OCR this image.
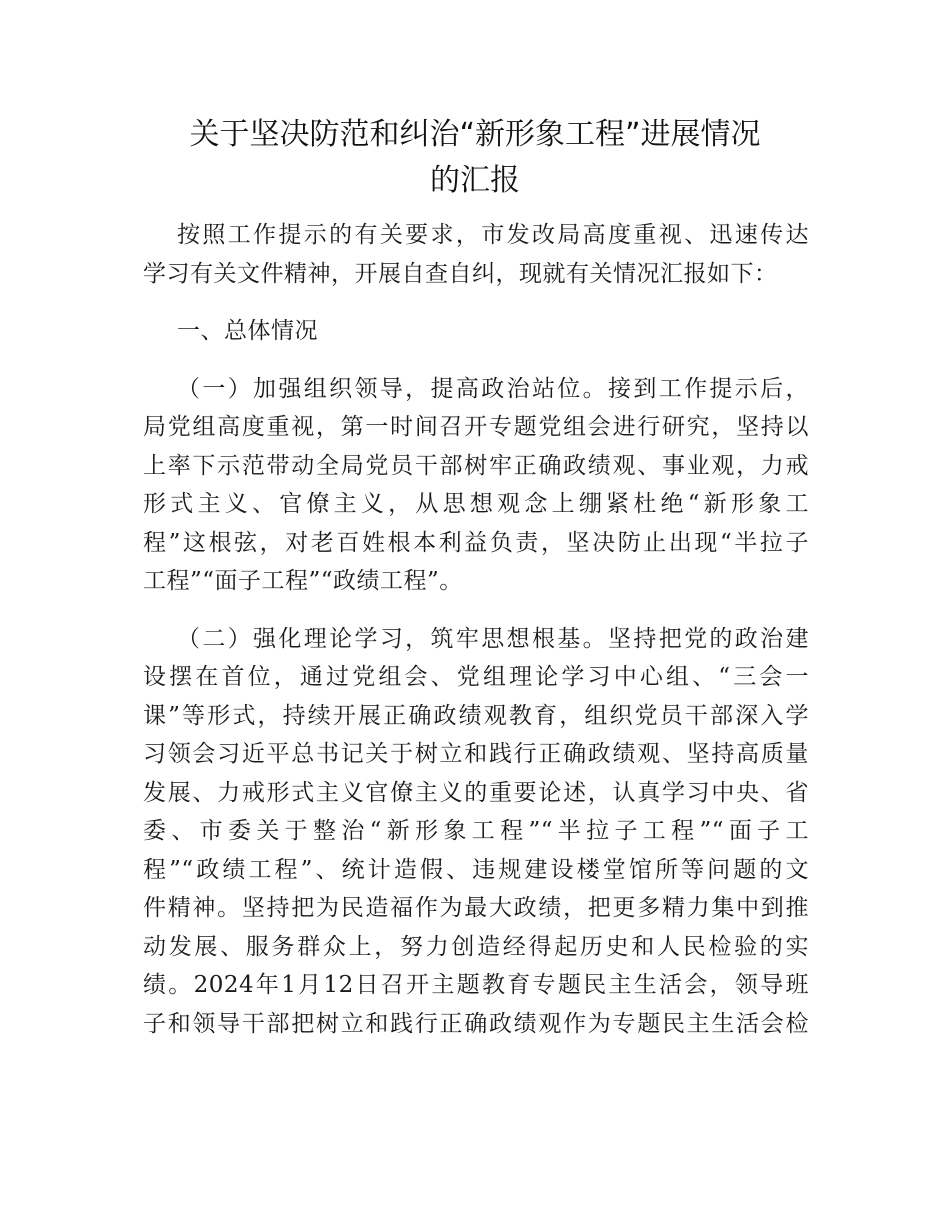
关于坚决防范和纠治“新形象工程”进展情况
的汇报
按照工作提示的有关要求，市发改局高度重视、迅速传达
学习有关文件精神，开展自查自纠，现就有关情况汇报如下：
一、总体情况
（一）加强组织领导，提高政治站位。接到工作提示后，
局党组高度重视，第一时间召开专题党组会进行研究，坚持以
上率下示范带动全局党员干部树牢正确政绩观、事业观，力戒
形式主义、官僚主义，从思想观念上绷紧杜绝“新形象工
程”这根弦，对老百姓根本利益负责，坚决防止出现“半拉子
工程”“面子工程”“政绩工程”。
（二）强化理论学习，筑牢思想根基。坚持把党的政治建
设摆在首位，通过党组会、党组理论学习中心组、“三会一
课”等形式，持续开展正确政绩观教育，组织党员干部深入学
习领会习近平总书记关于树立和践行正确政绩观、坚持高质量
发展、力戒形式主义官僚主义的重要论述，认真学习中央、省
委、市委关于整治“新形象工程”“半拉子工程”“面子工
程”“政绩工程”、统计造假、违规建设楼堂馆所等问题的文
件精神。坚持把为民造福作为最大政绩，把更多精力集中到推
动发展、服务群众上，努力创造经得起历史和人民检验的实
绩。2024年1月12日召开主题教育专题民主生活会，领导班
子和领导干部把树立和践行正确政绩观作为专题民主生活会检
